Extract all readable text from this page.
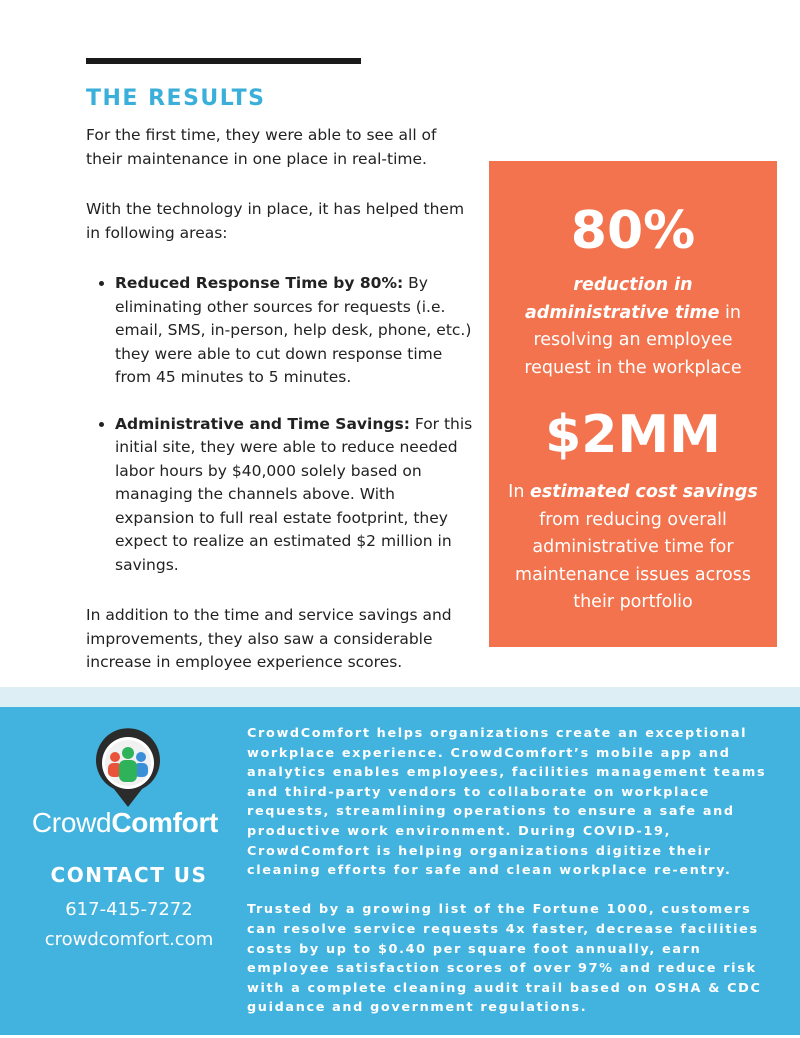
THE RESULTS

For the first time, they were able to see all of their maintenance in one place in real-time.

With the technology in place, it has helped them in following areas:

• Reduced Response Time by 80%: By eliminating other sources for requests (i.e. email, SMS, in-person, help desk, phone, etc.) they were able to cut down response time from 45 minutes to 5 minutes.
• Administrative and Time Savings: For this initial site, they were able to reduce needed labor hours by $40,000 solely based on managing the channels above. With expansion to full real estate footprint, they expect to realize an estimated $2 million in savings.

In addition to the time and service savings and improvements, they also saw a considerable increase in employee experience scores.

80%
reduction in administrative time in resolving an employee request in the workplace
$2MM
In estimated cost savings from reducing overall administrative time for maintenance issues across their portfolio
CrowdComfort
CONTACT US
617-415-7272
crowdcomfort.com

CrowdComfort helps organizations create an exceptional workplace experience. CrowdComfort’s mobile app and analytics enables employees, facilities management teams and third-party vendors to collaborate on workplace requests, streamlining operations to ensure a safe and productive work environment. During COVID-19, CrowdComfort is helping organizations digitize their cleaning efforts for safe and clean workplace re-entry.

Trusted by a growing list of the Fortune 1000, customers can resolve service requests 4x faster, decrease facilities costs by up to $0.40 per square foot annually, earn employee satisfaction scores of over 97% and reduce risk with a complete cleaning audit trail based on OSHA & CDC guidance and government regulations.
